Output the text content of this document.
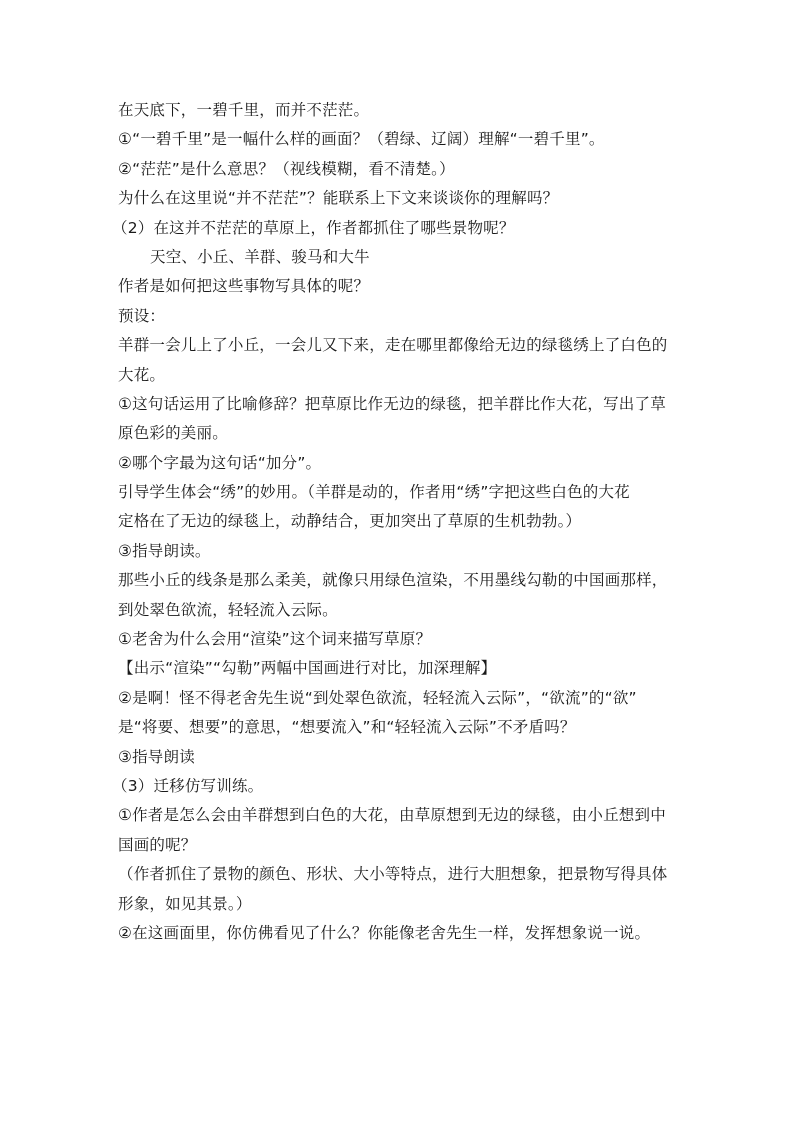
在天底下，一碧千里，而并不茫茫。
①“一碧千里”是一幅什么样的画面？（碧绿、辽阔）理解“一碧千里”。
②“茫茫”是什么意思？（视线模糊，看不清楚。）
为什么在这里说“并不茫茫”？能联系上下文来谈谈你的理解吗？
（2）在这并不茫茫的草原上，作者都抓住了哪些景物呢？
天空、小丘、羊群、骏马和大牛
作者是如何把这些事物写具体的呢？
预设：
羊群一会儿上了小丘，一会儿又下来，走在哪里都像给无边的绿毯绣上了白色的
大花。
①这句话运用了比喻修辞？把草原比作无边的绿毯，把羊群比作大花，写出了草
原色彩的美丽。
②哪个字最为这句话“加分”。
引导学生体会“绣”的妙用。（羊群是动的，作者用“绣”字把这些白色的大花
定格在了无边的绿毯上，动静结合，更加突出了草原的生机勃勃。）
③指导朗读。
那些小丘的线条是那么柔美，就像只用绿色渲染，不用墨线勾勒的中国画那样，
到处翠色欲流，轻轻流入云际。
①老舍为什么会用“渲染”这个词来描写草原？
【出示“渲染”“勾勒”两幅中国画进行对比，加深理解】
②是啊！怪不得老舍先生说“到处翠色欲流，轻轻流入云际”，“欲流”的“欲”
是“将要、想要”的意思，“想要流入”和“轻轻流入云际”不矛盾吗？
③指导朗读
（3）迁移仿写训练。
①作者是怎么会由羊群想到白色的大花，由草原想到无边的绿毯，由小丘想到中
国画的呢？
（作者抓住了景物的颜色、形状、大小等特点，进行大胆想象，把景物写得具体
形象，如见其景。）
②在这画面里，你仿佛看见了什么？你能像老舍先生一样，发挥想象说一说。
